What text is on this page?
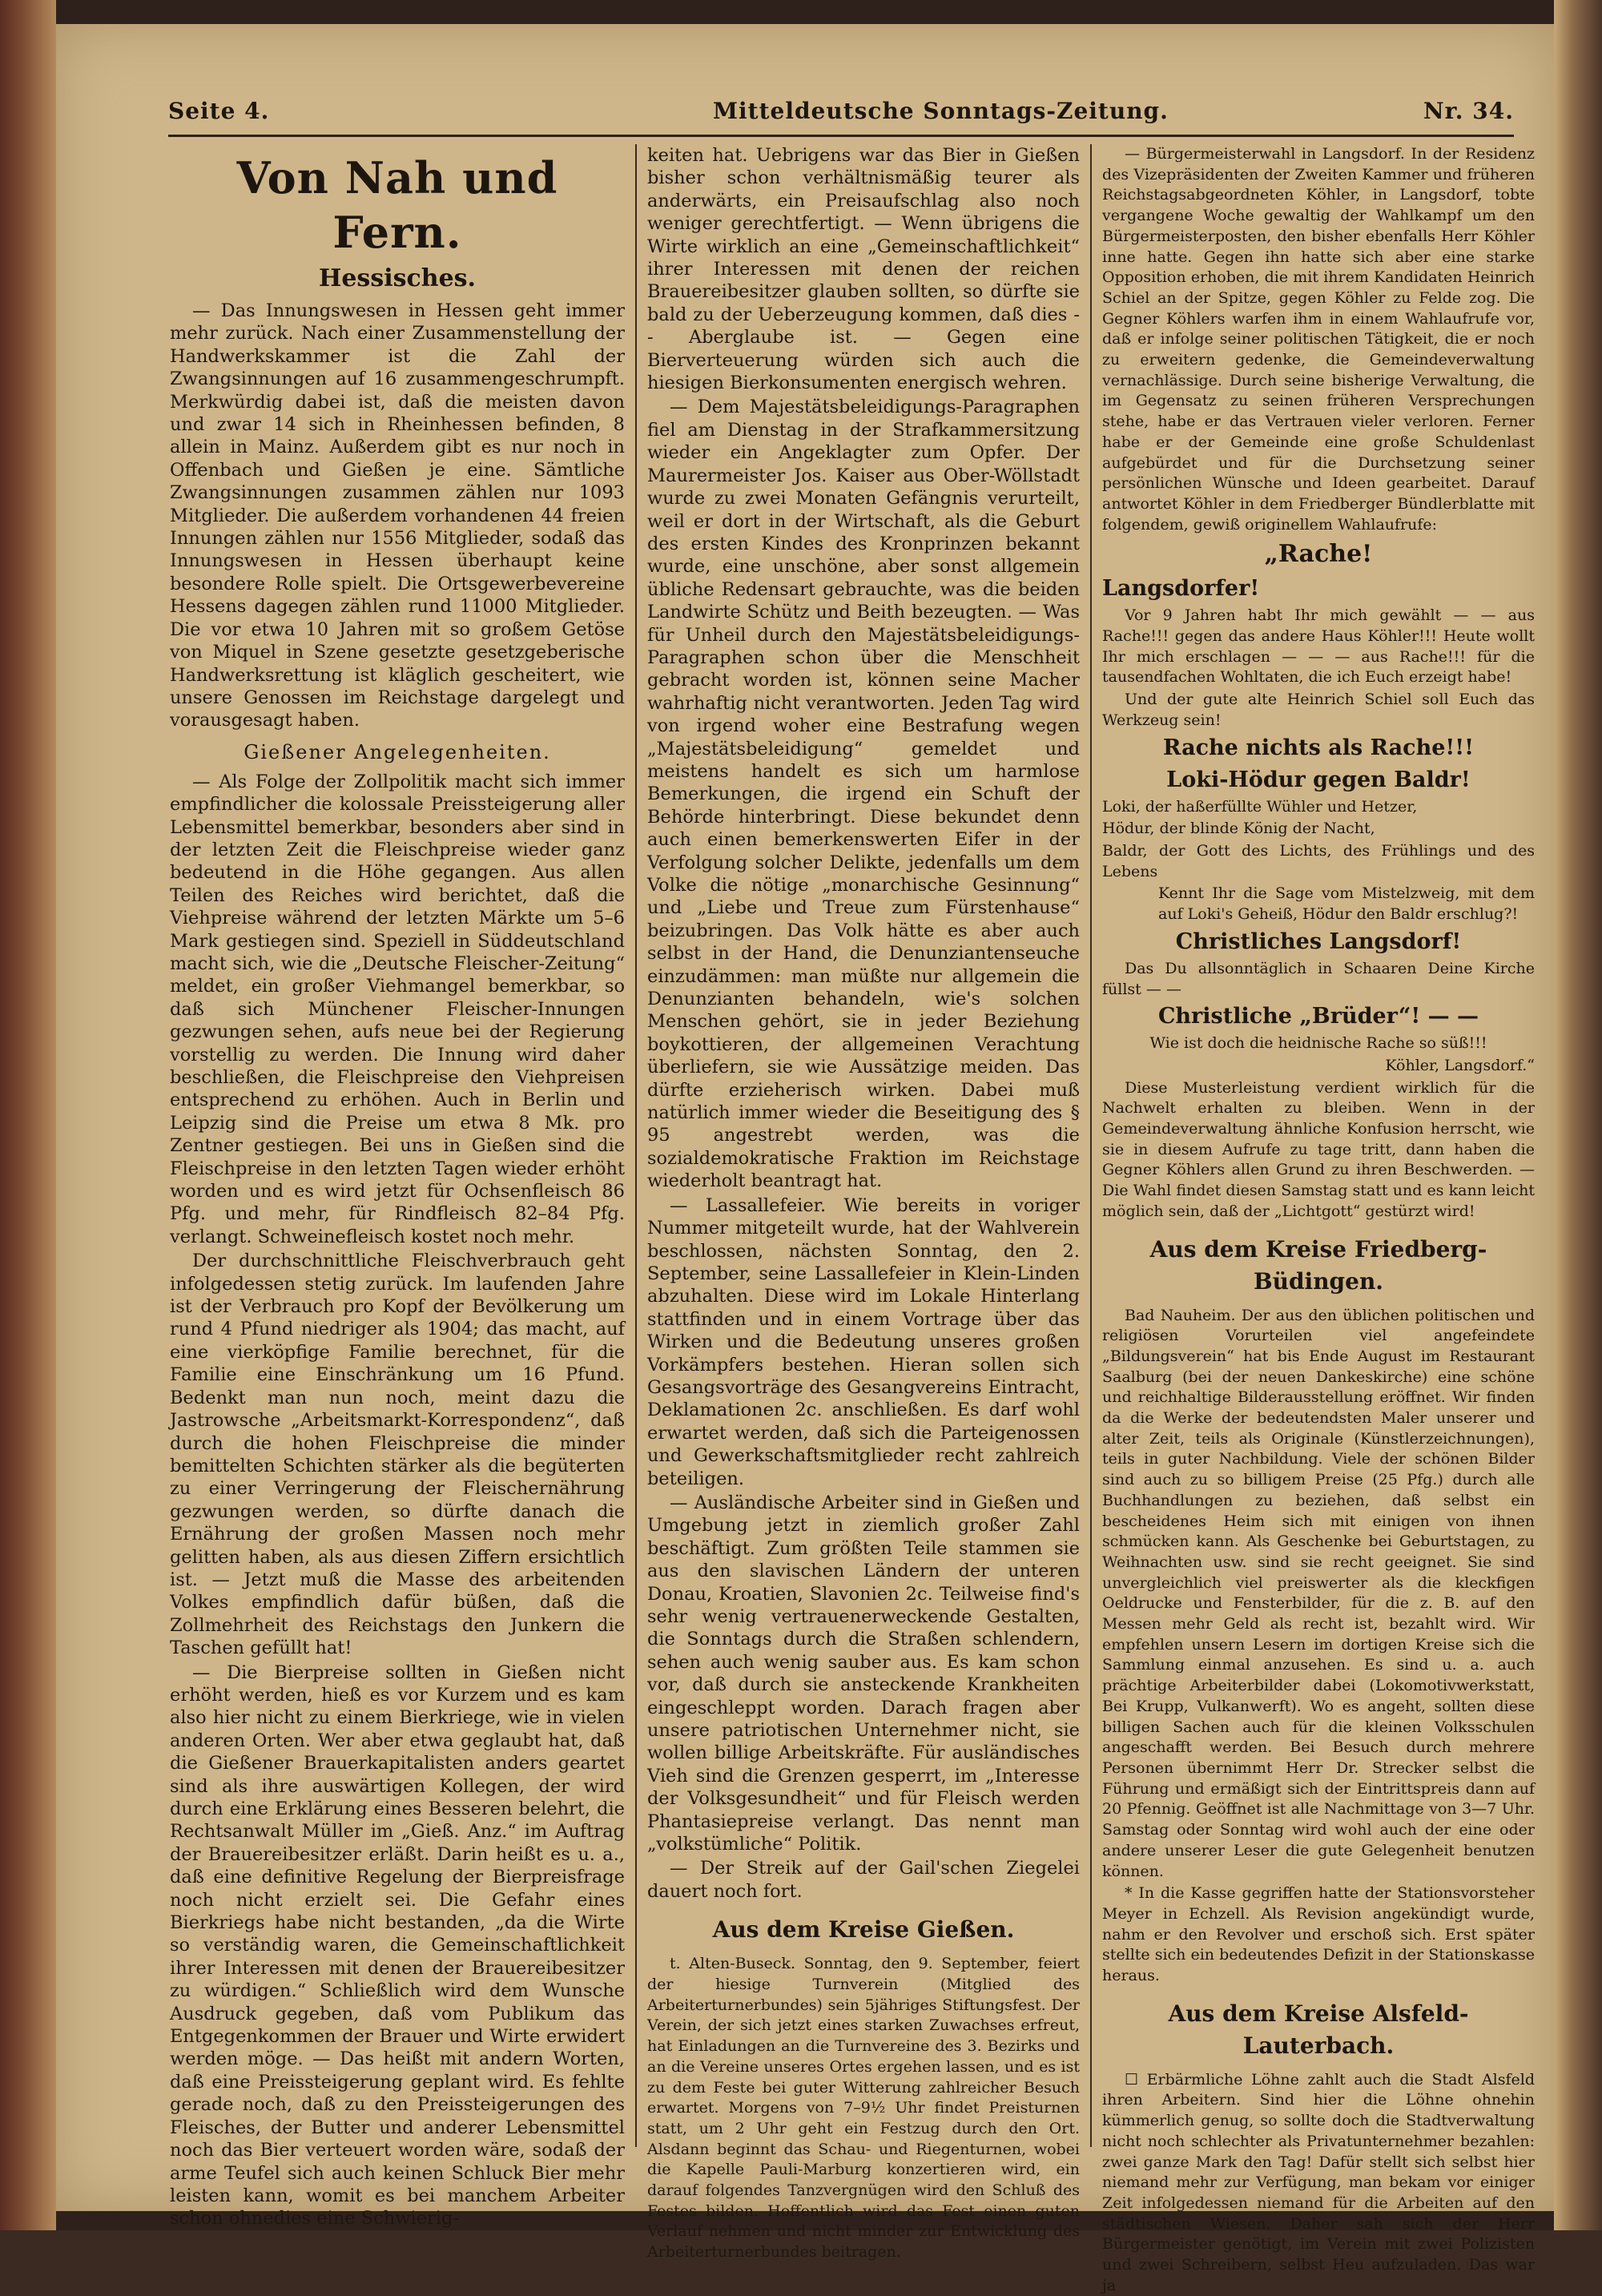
Seite 4.	Mitteldeutsche Sonntags-Zeitung.	Nr. 34.
Von Nah und Fern.
Hessisches.

— Das Innungswesen in Hessen geht immer mehr zurück. Nach einer Zusammenstellung der Handwerkskammer ist die Zahl der Zwangsinnungen auf 16 zusammengeschrumpft. Merkwürdig dabei ist, daß die meisten davon und zwar 14 sich in Rheinhessen befinden, 8 allein in Mainz. Außerdem gibt es nur noch in Offenbach und Gießen je eine. Sämtliche Zwangsinnungen zusammen zählen nur 1093 Mitglieder. Die außerdem vorhandenen 44 freien Innungen zählen nur 1556 Mitglieder, sodaß das Innungswesen in Hessen überhaupt keine besondere Rolle spielt. Die Ortsgewerbevereine Hessens dagegen zählen rund 11000 Mitglieder. Die vor etwa 10 Jahren mit so großem Getöse von Miquel in Szene gesetzte gesetzgeberische Handwerksrettung ist kläglich gescheitert, wie unsere Genossen im Reichstage dargelegt und vorausgesagt haben.

Gießener Angelegenheiten.

— Als Folge der Zollpolitik macht sich immer empfindlicher die kolossale Preissteigerung aller Lebensmittel bemerkbar, besonders aber sind in der letzten Zeit die Fleischpreise wieder ganz bedeutend in die Höhe gegangen. Aus allen Teilen des Reiches wird berichtet, daß die Viehpreise während der letzten Märkte um 5–6 Mark gestiegen sind. Speziell in Süddeutschland macht sich, wie die „Deutsche Fleischer-Zeitung“ meldet, ein großer Viehmangel bemerkbar, so daß sich Münchener Fleischer-Innungen gezwungen sehen, aufs neue bei der Regierung vorstellig zu werden. Die Innung wird daher beschließen, die Fleischpreise den Viehpreisen entsprechend zu erhöhen. Auch in Berlin und Leipzig sind die Preise um etwa 8 Mk. pro Zentner gestiegen. Bei uns in Gießen sind die Fleischpreise in den letzten Tagen wieder erhöht worden und es wird jetzt für Ochsenfleisch 86 Pfg. und mehr, für Rindfleisch 82–84 Pfg. verlangt. Schweinefleisch kostet noch mehr.

Der durchschnittliche Fleischverbrauch geht infolgedessen stetig zurück. Im laufenden Jahre ist der Verbrauch pro Kopf der Bevölkerung um rund 4 Pfund niedriger als 1904; das macht, auf eine vierköpfige Familie berechnet, für die Familie eine Einschränkung um 16 Pfund. Bedenkt man nun noch, meint dazu die Jastrowsche „Arbeitsmarkt-Korrespondenz“, daß durch die hohen Fleischpreise die minder bemittelten Schichten stärker als die begüterten zu einer Verringerung der Fleischernährung gezwungen werden, so dürfte danach die Ernährung der großen Massen noch mehr gelitten haben, als aus diesen Ziffern ersichtlich ist. — Jetzt muß die Masse des arbeitenden Volkes empfindlich dafür büßen, daß die Zollmehrheit des Reichstags den Junkern die Taschen gefüllt hat!

— Die Bierpreise sollten in Gießen nicht erhöht werden, hieß es vor Kurzem und es kam also hier nicht zu einem Bierkriege, wie in vielen anderen Orten. Wer aber etwa geglaubt hat, daß die Gießener Brauerkapitalisten anders geartet sind als ihre auswärtigen Kollegen, der wird durch eine Erklärung eines Besseren belehrt, die Rechtsanwalt Müller im „Gieß. Anz.“ im Auftrag der Brauereibesitzer erläßt. Darin heißt es u. a., daß eine definitive Regelung der Bierpreisfrage noch nicht erzielt sei. Die Gefahr eines Bierkriegs habe nicht bestanden, „da die Wirte so verständig waren, die Gemeinschaftlichkeit ihrer Interessen mit denen der Brauereibesitzer zu würdigen.“ Schließlich wird dem Wunsche Ausdruck gegeben, daß vom Publikum das Entgegenkommen der Brauer und Wirte erwidert werden möge. — Das heißt mit andern Worten, daß eine Preissteigerung geplant wird. Es fehlte gerade noch, daß zu den Preissteigerungen des Fleisches, der Butter und anderer Lebensmittel noch das Bier verteuert worden wäre, sodaß der arme Teufel sich auch keinen Schluck Bier mehr leisten kann, womit es bei manchem Arbeiter schon ohnedies eine Schwierig-

keiten hat. Uebrigens war das Bier in Gießen bisher schon verhältnismäßig teurer als anderwärts, ein Preisaufschlag also noch weniger gerechtfertigt. — Wenn übrigens die Wirte wirklich an eine „Gemeinschaftlichkeit“ ihrer Interessen mit denen der reichen Brauereibesitzer glauben sollten, so dürfte sie bald zu der Ueberzeugung kommen, daß dies -- Aberglaube ist. — Gegen eine Bierverteuerung würden sich auch die hiesigen Bierkonsumenten energisch wehren.

— Dem Majestätsbeleidigungs-Paragraphen fiel am Dienstag in der Strafkammersitzung wieder ein Angeklagter zum Opfer. Der Maurermeister Jos. Kaiser aus Ober-Wöllstadt wurde zu zwei Monaten Gefängnis verurteilt, weil er dort in der Wirtschaft, als die Geburt des ersten Kindes des Kronprinzen bekannt wurde, eine unschöne, aber sonst allgemein übliche Redensart gebrauchte, was die beiden Landwirte Schütz und Beith bezeugten. — Was für Unheil durch den Majestätsbeleidigungs-Paragraphen schon über die Menschheit gebracht worden ist, können seine Macher wahrhaftig nicht verantworten. Jeden Tag wird von irgend woher eine Bestrafung wegen „Majestätsbeleidigung“ gemeldet und meistens handelt es sich um harmlose Bemerkungen, die irgend ein Schuft der Behörde hinterbringt. Diese bekundet denn auch einen bemerkenswerten Eifer in der Verfolgung solcher Delikte, jedenfalls um dem Volke die nötige „monarchische Gesinnung“ und „Liebe und Treue zum Fürstenhause“ beizubringen. Das Volk hätte es aber auch selbst in der Hand, die Denunziantenseuche einzudämmen: man müßte nur allgemein die Denunzianten behandeln, wie's solchen Menschen gehört, sie in jeder Beziehung boykottieren, der allgemeinen Verachtung überliefern, sie wie Aussätzige meiden. Das dürfte erzieherisch wirken. Dabei muß natürlich immer wieder die Beseitigung des § 95 angestrebt werden, was die sozialdemokratische Fraktion im Reichstage wiederholt beantragt hat.

— Lassallefeier. Wie bereits in voriger Nummer mitgeteilt wurde, hat der Wahlverein beschlossen, nächsten Sonntag, den 2. September, seine Lassallefeier in Klein-Linden abzuhalten. Diese wird im Lokale Hinterlang stattfinden und in einem Vortrage über das Wirken und die Bedeutung unseres großen Vorkämpfers bestehen. Hieran sollen sich Gesangsvorträge des Gesangvereins Eintracht, Deklamationen 2c. anschließen. Es darf wohl erwartet werden, daß sich die Parteigenossen und Gewerkschaftsmitglieder recht zahlreich beteiligen.

— Ausländische Arbeiter sind in Gießen und Umgebung jetzt in ziemlich großer Zahl beschäftigt. Zum größten Teile stammen sie aus den slavischen Ländern der unteren Donau, Kroatien, Slavonien 2c. Teilweise find's sehr wenig vertrauenerweckende Gestalten, die Sonntags durch die Straßen schlendern, sehen auch wenig sauber aus. Es kam schon vor, daß durch sie ansteckende Krankheiten eingeschleppt worden. Darach fragen aber unsere patriotischen Unternehmer nicht, sie wollen billige Arbeitskräfte. Für ausländisches Vieh sind die Grenzen gesperrt, im „Interesse der Volksgesundheit“ und für Fleisch werden Phantasiepreise verlangt. Das nennt man „volkstümliche“ Politik.

— Der Streik auf der Gail'schen Ziegelei dauert noch fort.

Aus dem Kreise Gießen.

t. Alten-Buseck. Sonntag, den 9. September, feiert der hiesige Turnverein (Mitglied des Arbeiterturnerbundes) sein 5jähriges Stiftungsfest. Der Verein, der sich jetzt eines starken Zuwachses erfreut, hat Einladungen an die Turnvereine des 3. Bezirks und an die Vereine unseres Ortes ergehen lassen, und es ist zu dem Feste bei guter Witterung zahlreicher Besuch erwartet. Morgens von 7–9½ Uhr findet Preisturnen statt, um 2 Uhr geht ein Festzug durch den Ort. Alsdann beginnt das Schau- und Riegenturnen, wobei die Kapelle Pauli-Marburg konzertieren wird, ein darauf folgendes Tanzvergnügen wird den Schluß des Festes bilden. Hoffentlich wird das Fest einen guten Verlauf nehmen und nicht minder zur Entwicklung des Arbeiterturnerbundes beitragen.

— Bürgermeisterwahl in Langsdorf. In der Residenz des Vizepräsidenten der Zweiten Kammer und früheren Reichstagsabgeordneten Köhler, in Langsdorf, tobte vergangene Woche gewaltig der Wahlkampf um den Bürgermeisterposten, den bisher ebenfalls Herr Köhler inne hatte. Gegen ihn hatte sich aber eine starke Opposition erhoben, die mit ihrem Kandidaten Heinrich Schiel an der Spitze, gegen Köhler zu Felde zog. Die Gegner Köhlers warfen ihm in einem Wahlaufrufe vor, daß er infolge seiner politischen Tätigkeit, die er noch zu erweitern gedenke, die Gemeindeverwaltung vernachlässige. Durch seine bisherige Verwaltung, die im Gegensatz zu seinen früheren Versprechungen stehe, habe er das Vertrauen vieler verloren. Ferner habe er der Gemeinde eine große Schuldenlast aufgebürdet und für die Durchsetzung seiner persönlichen Wünsche und Ideen gearbeitet. Darauf antwortet Köhler in dem Friedberger Bündlerblatte mit folgendem, gewiß originellem Wahlaufrufe:

„Rache!

Langsdorfer!

Vor 9 Jahren habt Ihr mich gewählt — — aus Rache!!! gegen das andere Haus Köhler!!! Heute wollt Ihr mich erschlagen — — — aus Rache!!! für die tausendfachen Wohltaten, die ich Euch erzeigt habe!

Und der gute alte Heinrich Schiel soll Euch das Werkzeug sein!

Rache nichts als Rache!!!

Loki-Hödur gegen Baldr!

Loki, der haßerfüllte Wühler und Hetzer,

Hödur, der blinde König der Nacht,

Baldr, der Gott des Lichts, des Frühlings und des Lebens

Kennt Ihr die Sage vom Mistelzweig, mit dem auf Loki's Geheiß, Hödur den Baldr erschlug?!

Christliches Langsdorf!

Das Du allsonntäglich in Schaaren Deine Kirche füllst — —

Christliche „Brüder“! — —

Wie ist doch die heidnische Rache so süß!!!

Köhler, Langsdorf.“

Diese Musterleistung verdient wirklich für die Nachwelt erhalten zu bleiben. Wenn in der Gemeindeverwaltung ähnliche Konfusion herrscht, wie sie in diesem Aufrufe zu tage tritt, dann haben die Gegner Köhlers allen Grund zu ihren Beschwerden. — Die Wahl findet diesen Samstag statt und es kann leicht möglich sein, daß der „Lichtgott“ gestürzt wird!

Aus dem Kreise Friedberg-Büdingen.

Bad Nauheim. Der aus den üblichen politischen und religiösen Vorurteilen viel angefeindete „Bildungsverein“ hat bis Ende August im Restaurant Saalburg (bei der neuen Dankeskirche) eine schöne und reichhaltige Bilderausstellung eröffnet. Wir finden da die Werke der bedeutendsten Maler unserer und alter Zeit, teils als Originale (Künstlerzeichnungen), teils in guter Nachbildung. Viele der schönen Bilder sind auch zu so billigem Preise (25 Pfg.) durch alle Buchhandlungen zu beziehen, daß selbst ein bescheidenes Heim sich mit einigen von ihnen schmücken kann. Als Geschenke bei Geburtstagen, zu Weihnachten usw. sind sie recht geeignet. Sie sind unvergleichlich viel preiswerter als die kleckfigen Oeldrucke und Fensterbilder, für die z. B. auf den Messen mehr Geld als recht ist, bezahlt wird. Wir empfehlen unsern Lesern im dortigen Kreise sich die Sammlung einmal anzusehen. Es sind u. a. auch prächtige Arbeiterbilder dabei (Lokomotivwerkstatt, Bei Krupp, Vulkanwerft). Wo es angeht, sollten diese billigen Sachen auch für die kleinen Volksschulen angeschafft werden. Bei Besuch durch mehrere Personen übernimmt Herr Dr. Strecker selbst die Führung und ermäßigt sich der Eintrittspreis dann auf 20 Pfennig. Geöffnet ist alle Nachmittage von 3—7 Uhr. Samstag oder Sonntag wird wohl auch der eine oder andere unserer Leser die gute Gelegenheit benutzen können.

* In die Kasse gegriffen hatte der Stationsvorsteher Meyer in Echzell. Als Revision angekündigt wurde, nahm er den Revolver und erschoß sich. Erst später stellte sich ein bedeutendes Defizit in der Stationskasse heraus.

Aus dem Kreise Alsfeld-Lauterbach.

☐ Erbärmliche Löhne zahlt auch die Stadt Alsfeld ihren Arbeitern. Sind hier die Löhne ohnehin kümmerlich genug, so sollte doch die Stadtverwaltung nicht noch schlechter als Privatunternehmer bezahlen: zwei ganze Mark den Tag! Dafür stellt sich selbst hier niemand mehr zur Verfügung, man bekam vor einiger Zeit infolgedessen niemand für die Arbeiten auf den städtischen Wiesen. Daher sah sich der Herr Bürgermeister genötigt, im Verein mit zwei Polizisten und zwei Schreibern, selbst Heu aufzuladen. Das war ja
